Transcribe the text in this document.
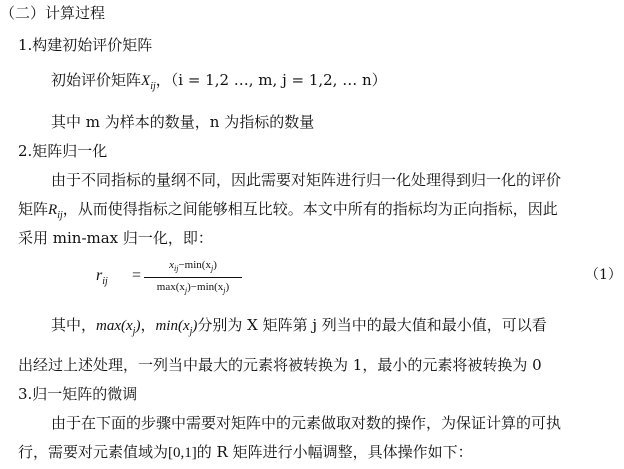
（二）计算过程
1.构建初始评价矩阵
初始评价矩阵$X_{ij}$，（i = 1,2 …, m, j = 1,2, … n）
其中 m 为样本的数量，n 为指标的数量
2.矩阵归一化
由于不同指标的量纲不同，因此需要对矩阵进行归一化处理得到归一化的评价
矩阵$R_{ij}$，从而使得指标之间能够相互比较。本文中所有的指标均为正向指标，因此
采用 min-max 归一化，即：
$r_{ij}$ =
$x_{ij}-\min(x_j)$
$\max(x_j)-\min(x_j)$
（1）
其中，$\max(x_j)$，$\min(x_j)$分别为 X 矩阵第 j 列当中的最大值和最小值，可以看
出经过上述处理，一列当中最大的元素将被转换为 1，最小的元素将被转换为 0
3.归一矩阵的微调
由于在下面的步骤中需要对矩阵中的元素做取对数的操作，为保证计算的可执
行，需要对元素值域为[0,1]的 R 矩阵进行小幅调整，具体操作如下：
